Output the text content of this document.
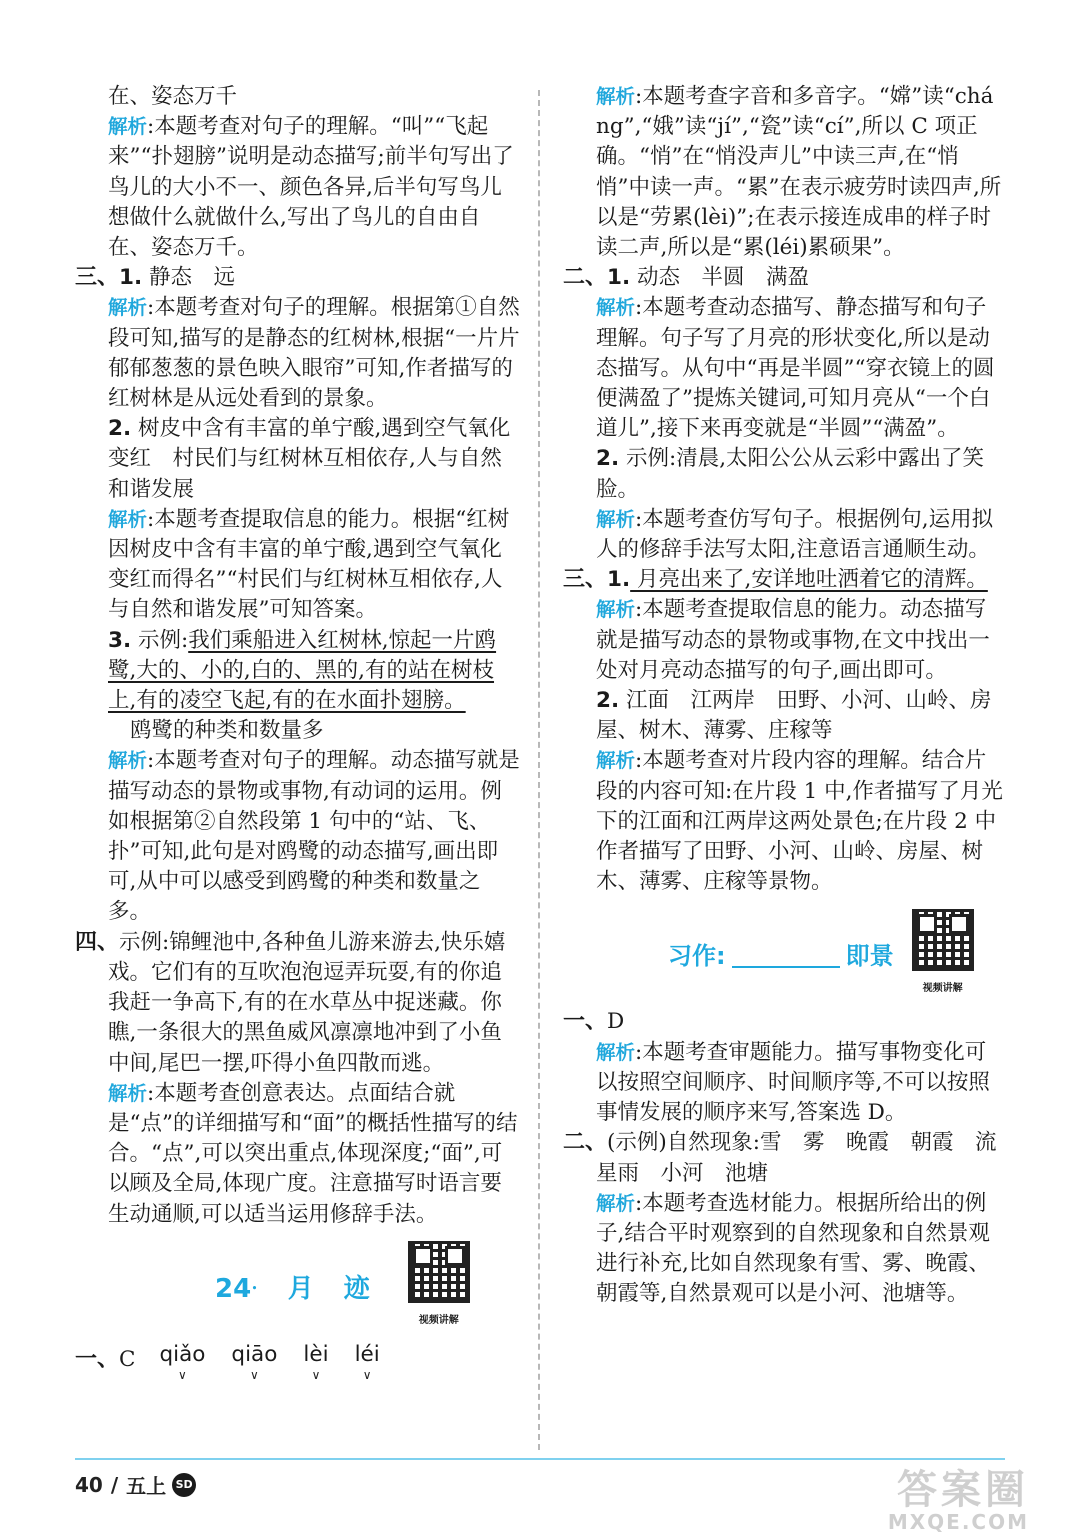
在、姿态万千

解析:本题考查对句子的理解。“叫”“飞起来”“扑翅膀”说明是动态描写;前半句写出了鸟儿的大小不一、颜色各异,后半句写鸟儿想做什么就做什么,写出了鸟儿的自由自在、姿态万千。

三、1. 静态　远

解析:本题考查对句子的理解。根据第①自然段可知,描写的是静态的红树林,根据“一片片郁郁葱葱的景色映入眼帘”可知,作者描写的红树林是从远处看到的景象。

2. 树皮中含有丰富的单宁酸,遇到空气氧化变红　村民们与红树林互相依存,人与自然和谐发展

解析:本题考查提取信息的能力。根据“红树因树皮中含有丰富的单宁酸,遇到空气氧化变红而得名”“村民们与红树林互相依存,人与自然和谐发展”可知答案。

3. 示例:我们乘船进入红树林,惊起一片鸥鹭,大的、小的,白的、黑的,有的站在树枝上,有的凌空飞起,有的在水面扑翅膀。

鸥鹭的种类和数量多

解析:本题考查对句子的理解。动态描写就是描写动态的景物或事物,有动词的运用。例如根据第②自然段第 1 句中的“站、飞、扑”可知,此句是对鸥鹭的动态描写,画出即可,从中可以感受到鸥鹭的种类和数量之多。

四、示例:锦鲤池中,各种鱼儿游来游去,快乐嬉戏。它们有的互吹泡泡逗弄玩耍,有的你追我赶一争高下,有的在水草丛中捉迷藏。你瞧,一条很大的黑鱼威风凛凛地冲到了小鱼中间,尾巴一摆,吓得小鱼四散而逃。

解析:本题考查创意表达。点面结合就是“点”的详细描写和“面”的概括性描写的结合。“点”,可以突出重点,体现深度;“面”,可以顾及全局,体现广度。注意描写时语言要生动通顺,可以适当运用修辞手法。

24 • 月迹
视频讲解
一、 C qiǎo
∨
qiāo
∨
lèi
∨
léi
∨

解析:本题考查字音和多音字。“嫦”读“cháng”,“娥”读“jí”,“瓷”读“cí”,所以 C 项正确。“悄”在“悄没声儿”中读三声,在“悄悄”中读一声。“累”在表示疲劳时读四声,所以是“劳累(lèi)”;在表示接连成串的样子时读二声,所以是“累(léi)累硕果”。

二、1. 动态　半圆　满盈

解析:本题考查动态描写、静态描写和句子理解。句子写了月亮的形状变化,所以是动态描写。从句中“再是半圆”“穿衣镜上的圆便满盈了”提炼关键词,可知月亮从“一个白道儿”,接下来再变就是“半圆”“满盈”。

2. 示例:清晨,太阳公公从云彩中露出了笑脸。

解析:本题考查仿写句子。根据例句,运用拟人的修辞手法写太阳,注意语言通顺生动。

三、1. 月亮出来了,安详地吐洒着它的清辉。

解析:本题考查提取信息的能力。动态描写就是描写动态的景物或事物,在文中找出一处对月亮动态描写的句子,画出即可。

2. 江面　江两岸　田野、小河、山岭、房屋、树木、薄雾、庄稼等

解析:本题考查对片段内容的理解。结合片段的内容可知:在片段 1 中,作者描写了月光下的江面和江两岸这两处景色;在片段 2 中作者描写了田野、小河、山岭、房屋、树木、薄雾、庄稼等景物。

习作:	即景
视频讲解

一、D

解析:本题考查审题能力。描写事物变化可以按照空间顺序、时间顺序等,不可以按照事情发展的顺序来写,答案选 D。

二、(示例)自然现象:雪　雾　晚霞　朝霞　流星雨　小河　池塘

解析:本题考查选材能力。根据所给出的例子,结合平时观察到的自然现象和自然景观进行补充,比如自然现象有雪、雾、晚霞、朝霞等,自然景观可以是小河、池塘等。

40 / 五上 SD	答案圈
MXQE.COM
